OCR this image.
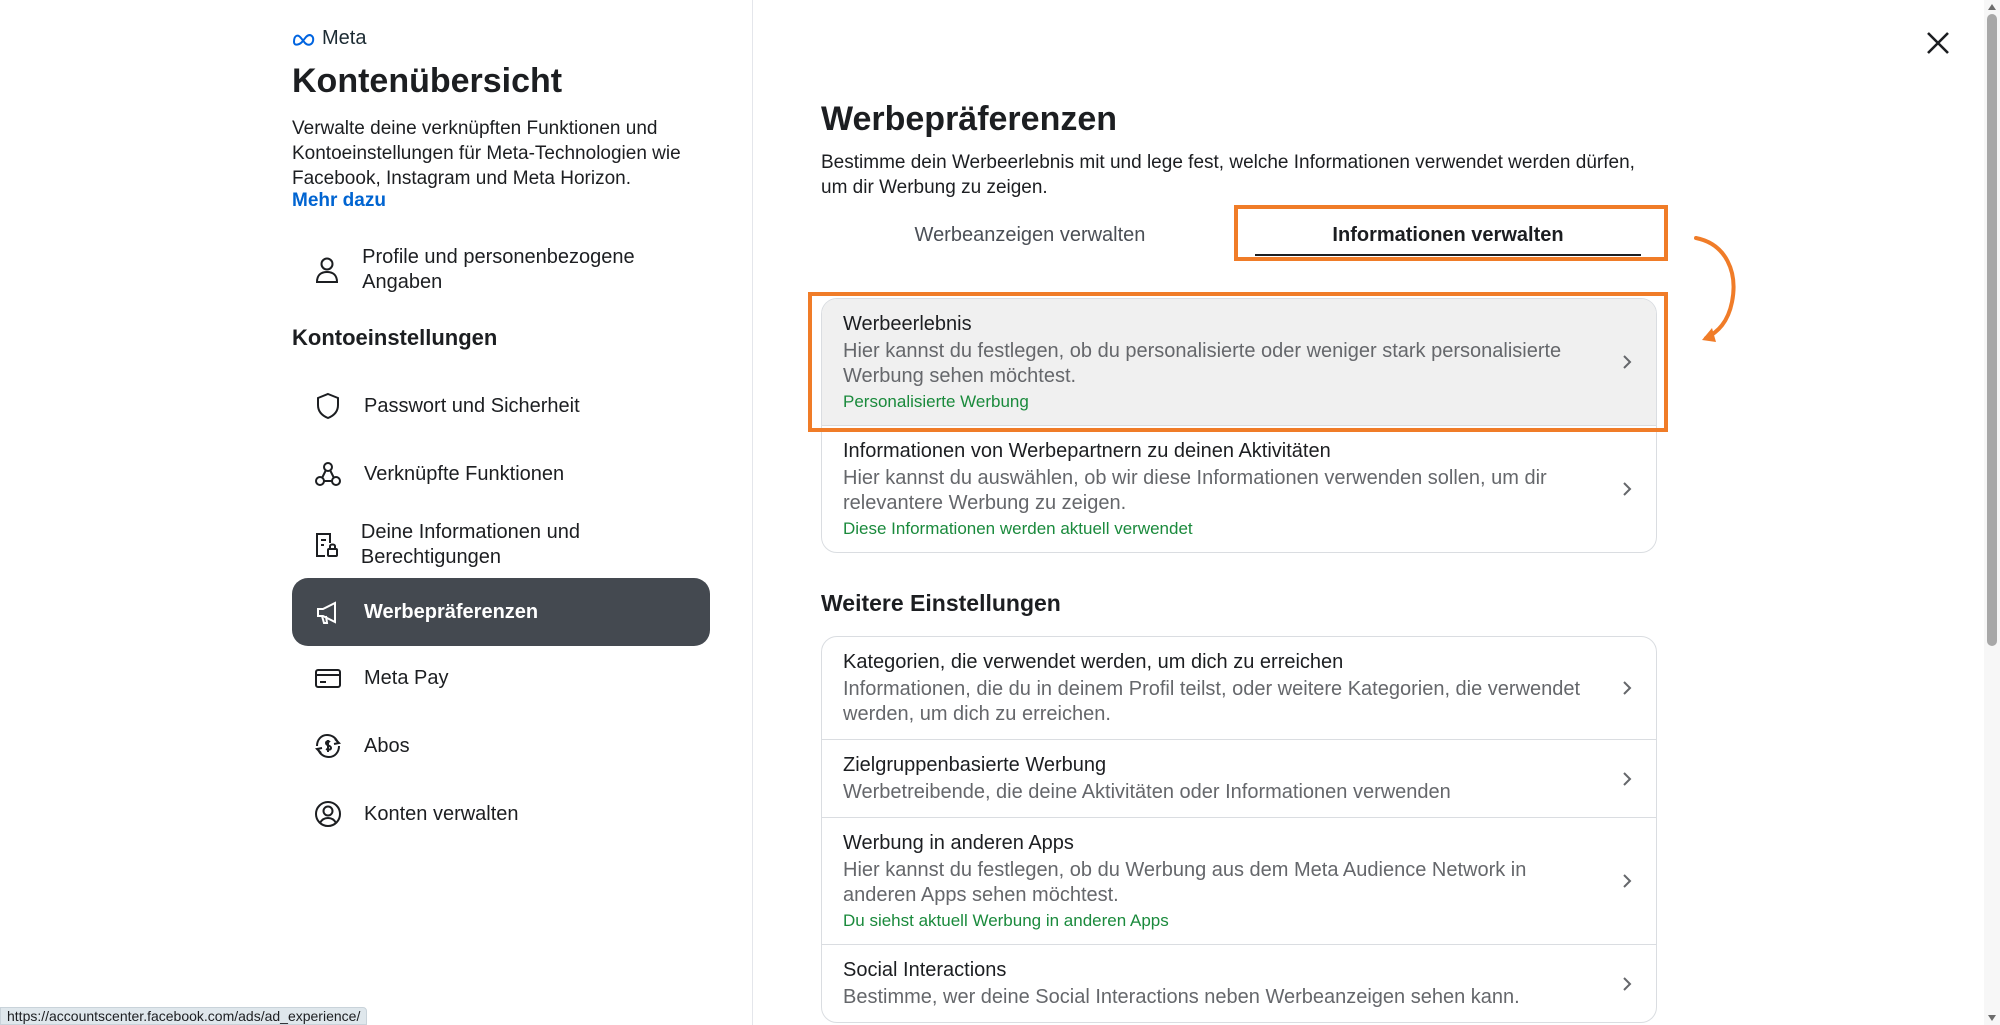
Meta
Kontenübersicht
Verwalte deine verknüpften Funktionen und Kontoeinstellungen für Meta-Technologien wie Facebook, Instagram und Meta Horizon.
Mehr dazu
Profile und personenbezogene Angaben
Kontoeinstellungen
Passwort und Sicherheit
Verknüpfte Funktionen
Deine Informationen und Berechtigungen
Werbepräferenzen
Meta Pay
Abos
Konten verwalten
Werbepräferenzen
Bestimme dein Werbeerlebnis mit und lege fest, welche Informationen verwendet werden dürfen, um dir Werbung zu zeigen.
Werbeanzeigen verwalten	Informationen verwalten
Werbeerlebnis
Hier kannst du festlegen, ob du personalisierte oder weniger stark personalisierte Werbung sehen möchtest.
Personalisierte Werbung
Informationen von Werbepartnern zu deinen Aktivitäten
Hier kannst du auswählen, ob wir diese Informationen verwenden sollen, um dir relevantere Werbung zu zeigen.
Diese Informationen werden aktuell verwendet
Weitere Einstellungen
Kategorien, die verwendet werden, um dich zu erreichen
Informationen, die du in deinem Profil teilst, oder weitere Kategorien, die verwendet werden, um dich zu erreichen.
Zielgruppenbasierte Werbung
Werbetreibende, die deine Aktivitäten oder Informationen verwenden
Werbung in anderen Apps
Hier kannst du festlegen, ob du Werbung aus dem Meta Audience Network in anderen Apps sehen möchtest.
Du siehst aktuell Werbung in anderen Apps
Social Interactions
Bestimme, wer deine Social Interactions neben Werbeanzeigen sehen kann.
https://accountscenter.facebook.com/ads/ad_experience/
